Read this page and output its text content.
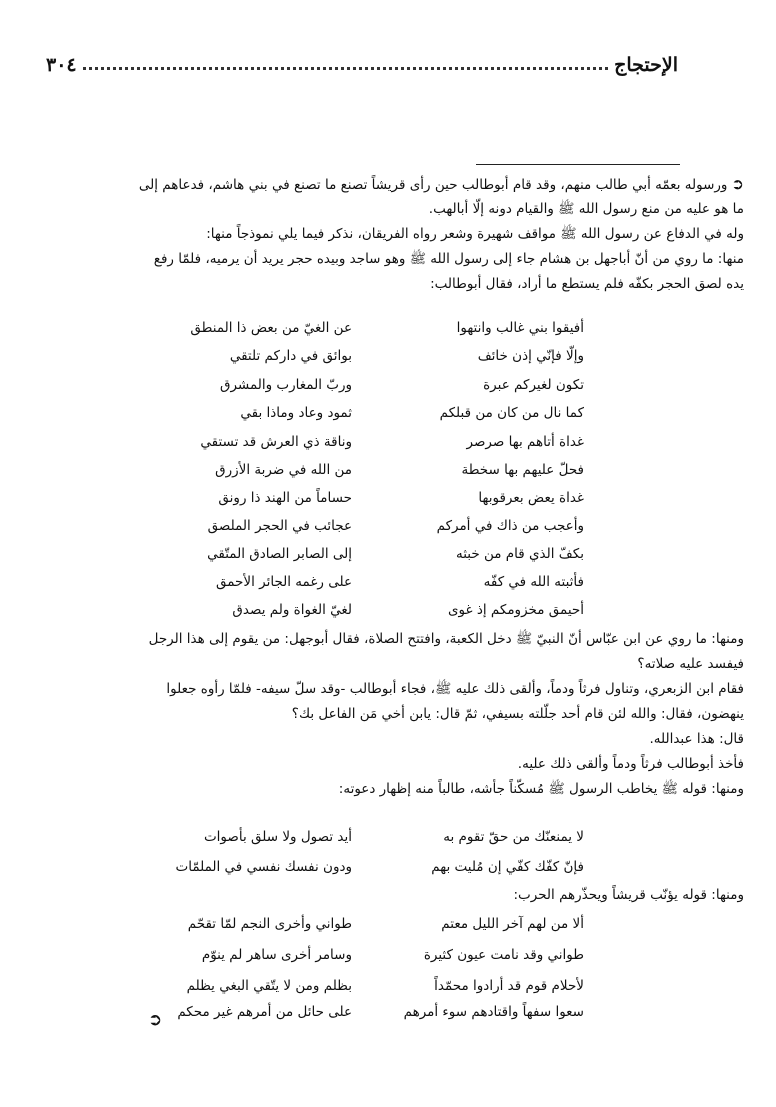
الإحتجاج
٣٠٤
➲ورسوله بعمّه أبي طالب منهم، وقد قام أبوطالب حين رأى قريشاً تصنع ما تصنع في بني هاشم، فدعاهم إلى
ما هو عليه من منع رسول الله ﷺ والقيام دونه إلّا أبالهب.
وله في الدفاع عن رسول الله ﷺ مواقف شهيرة وشعر رواه الفريقان، نذكر فيما يلي نموذجاً منها:
منها: ما روي من أنّ أباجهل بن هشام جاء إلى رسول الله ﷺ وهو ساجد وبيده حجر يريد أن يرميه، فلمّا رفع
يده لصق الحجر بكفّه فلم يستطع ما أراد، فقال أبوطالب:
أفيقوا بني غالب وانتهوا
عن الغيّ من بعض ذا المنطق
وإلّا فإنّي إذن خائف
بوائق في داركم تلتقي
تكون لغيركم عبرة
وربّ المغارب والمشرق
كما نال من كان من قبلكم
ثمود وعاد وماذا بقي
غداة أتاهم بها صرصر
وناقة ذي العرش قد تستقي
فحلّ عليهم بها سخطة
من الله في ضربة الأزرق
غداة يعض بعرقوبها
حساماً من الهند ذا رونق
وأعجب من ذاك في أمركم
عجائب في الحجر الملصق
بكفّ الذي قام من خبثه
إلى الصابر الصادق المتّقي
فأثبته الله في كفّه
على رغمه الجائر الأحمق
أحيمق مخزومكم إذ غوى
لغيّ الغواة ولم يصدق
ومنها: ما روي عن ابن عبّاس أنّ النبيّ ﷺ دخل الكعبة، وافتتح الصلاة، فقال أبوجهل: من يقوم إلى هذا الرجل
فيفسد عليه صلاته؟
فقام ابن الزبعري، وتناول فرثاً ودماً، وألقى ذلك عليه ﷺ، فجاء أبوطالب -وقد سلّ سيفه- فلمّا رأوه جعلوا
ينهضون، فقال: والله لئن قام أحد جلّلته بسيفي، ثمّ قال: يابن أخي مَن الفاعل بك؟
قال: هذا عبدالله.
فأخذ أبوطالب فرثاً ودماً وألقى ذلك عليه.
ومنها: قوله ﷺ يخاطب الرسول ﷺ مُسكّناً جأشه، طالباً منه إظهار دعوته:
لا يمنعنّك من حقّ تقوم به
أيد تصول ولا سلق بأصوات
فإنّ كفّك كفّي إن مُليت بهم
ودون نفسك نفسي في الملمّات
ومنها: قوله يؤنّب قريشاً ويحذّرهم الحرب:
ألا من لهم آخر الليل معتم
طواني وأخرى النجم لمّا تقحّم
طواني وقد نامت عيون كثيرة
وسامر أخرى ساهر لم ينوّم
لأحلام قوم قد أرادوا محمّداً
بظلم ومن لا يتّقي البغي يظلم
سعوا سفهاً واقتادهم سوء أمرهم
على حائل من أمرهم غير محكم
➲
